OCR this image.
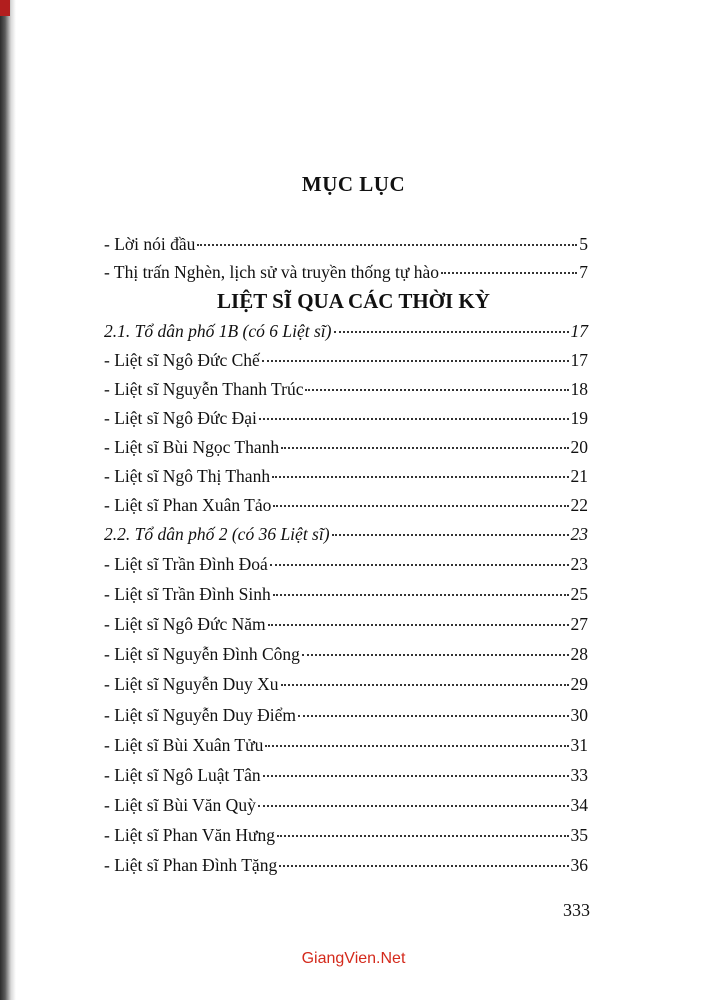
MỤC LỤC
- Lời nói đầu	5
- Thị trấn Nghèn, lịch sử và truyền thống tự hào	7
LIỆT SĨ QUA CÁC THỜI KỲ
2.1. Tổ dân phố 1B (có 6 Liệt sĩ)	17
- Liệt sĩ Ngô Đức Chế	17
- Liệt sĩ Nguyễn Thanh Trúc	18
- Liệt sĩ Ngô Đức Đại	19
- Liệt sĩ Bùi Ngọc Thanh	20
- Liệt sĩ Ngô Thị Thanh	21
- Liệt sĩ Phan Xuân Tảo	22
2.2. Tổ dân phố 2 (có 36 Liệt sĩ)	23
- Liệt sĩ Trần Đình Đoá	23
- Liệt sĩ Trần Đình Sinh	25
- Liệt sĩ Ngô Đức Năm	27
- Liệt sĩ Nguyễn Đình Công	28
- Liệt sĩ Nguyễn Duy Xu	29
- Liệt sĩ Nguyễn Duy Điểm	30
- Liệt sĩ Bùi Xuân Tửu	31
- Liệt sĩ Ngô Luật Tân	33
- Liệt sĩ Bùi Văn Quỳ	34
- Liệt sĩ Phan Văn Hưng	35
- Liệt sĩ Phan Đình Tặng	36
333
GiangVien.Net
